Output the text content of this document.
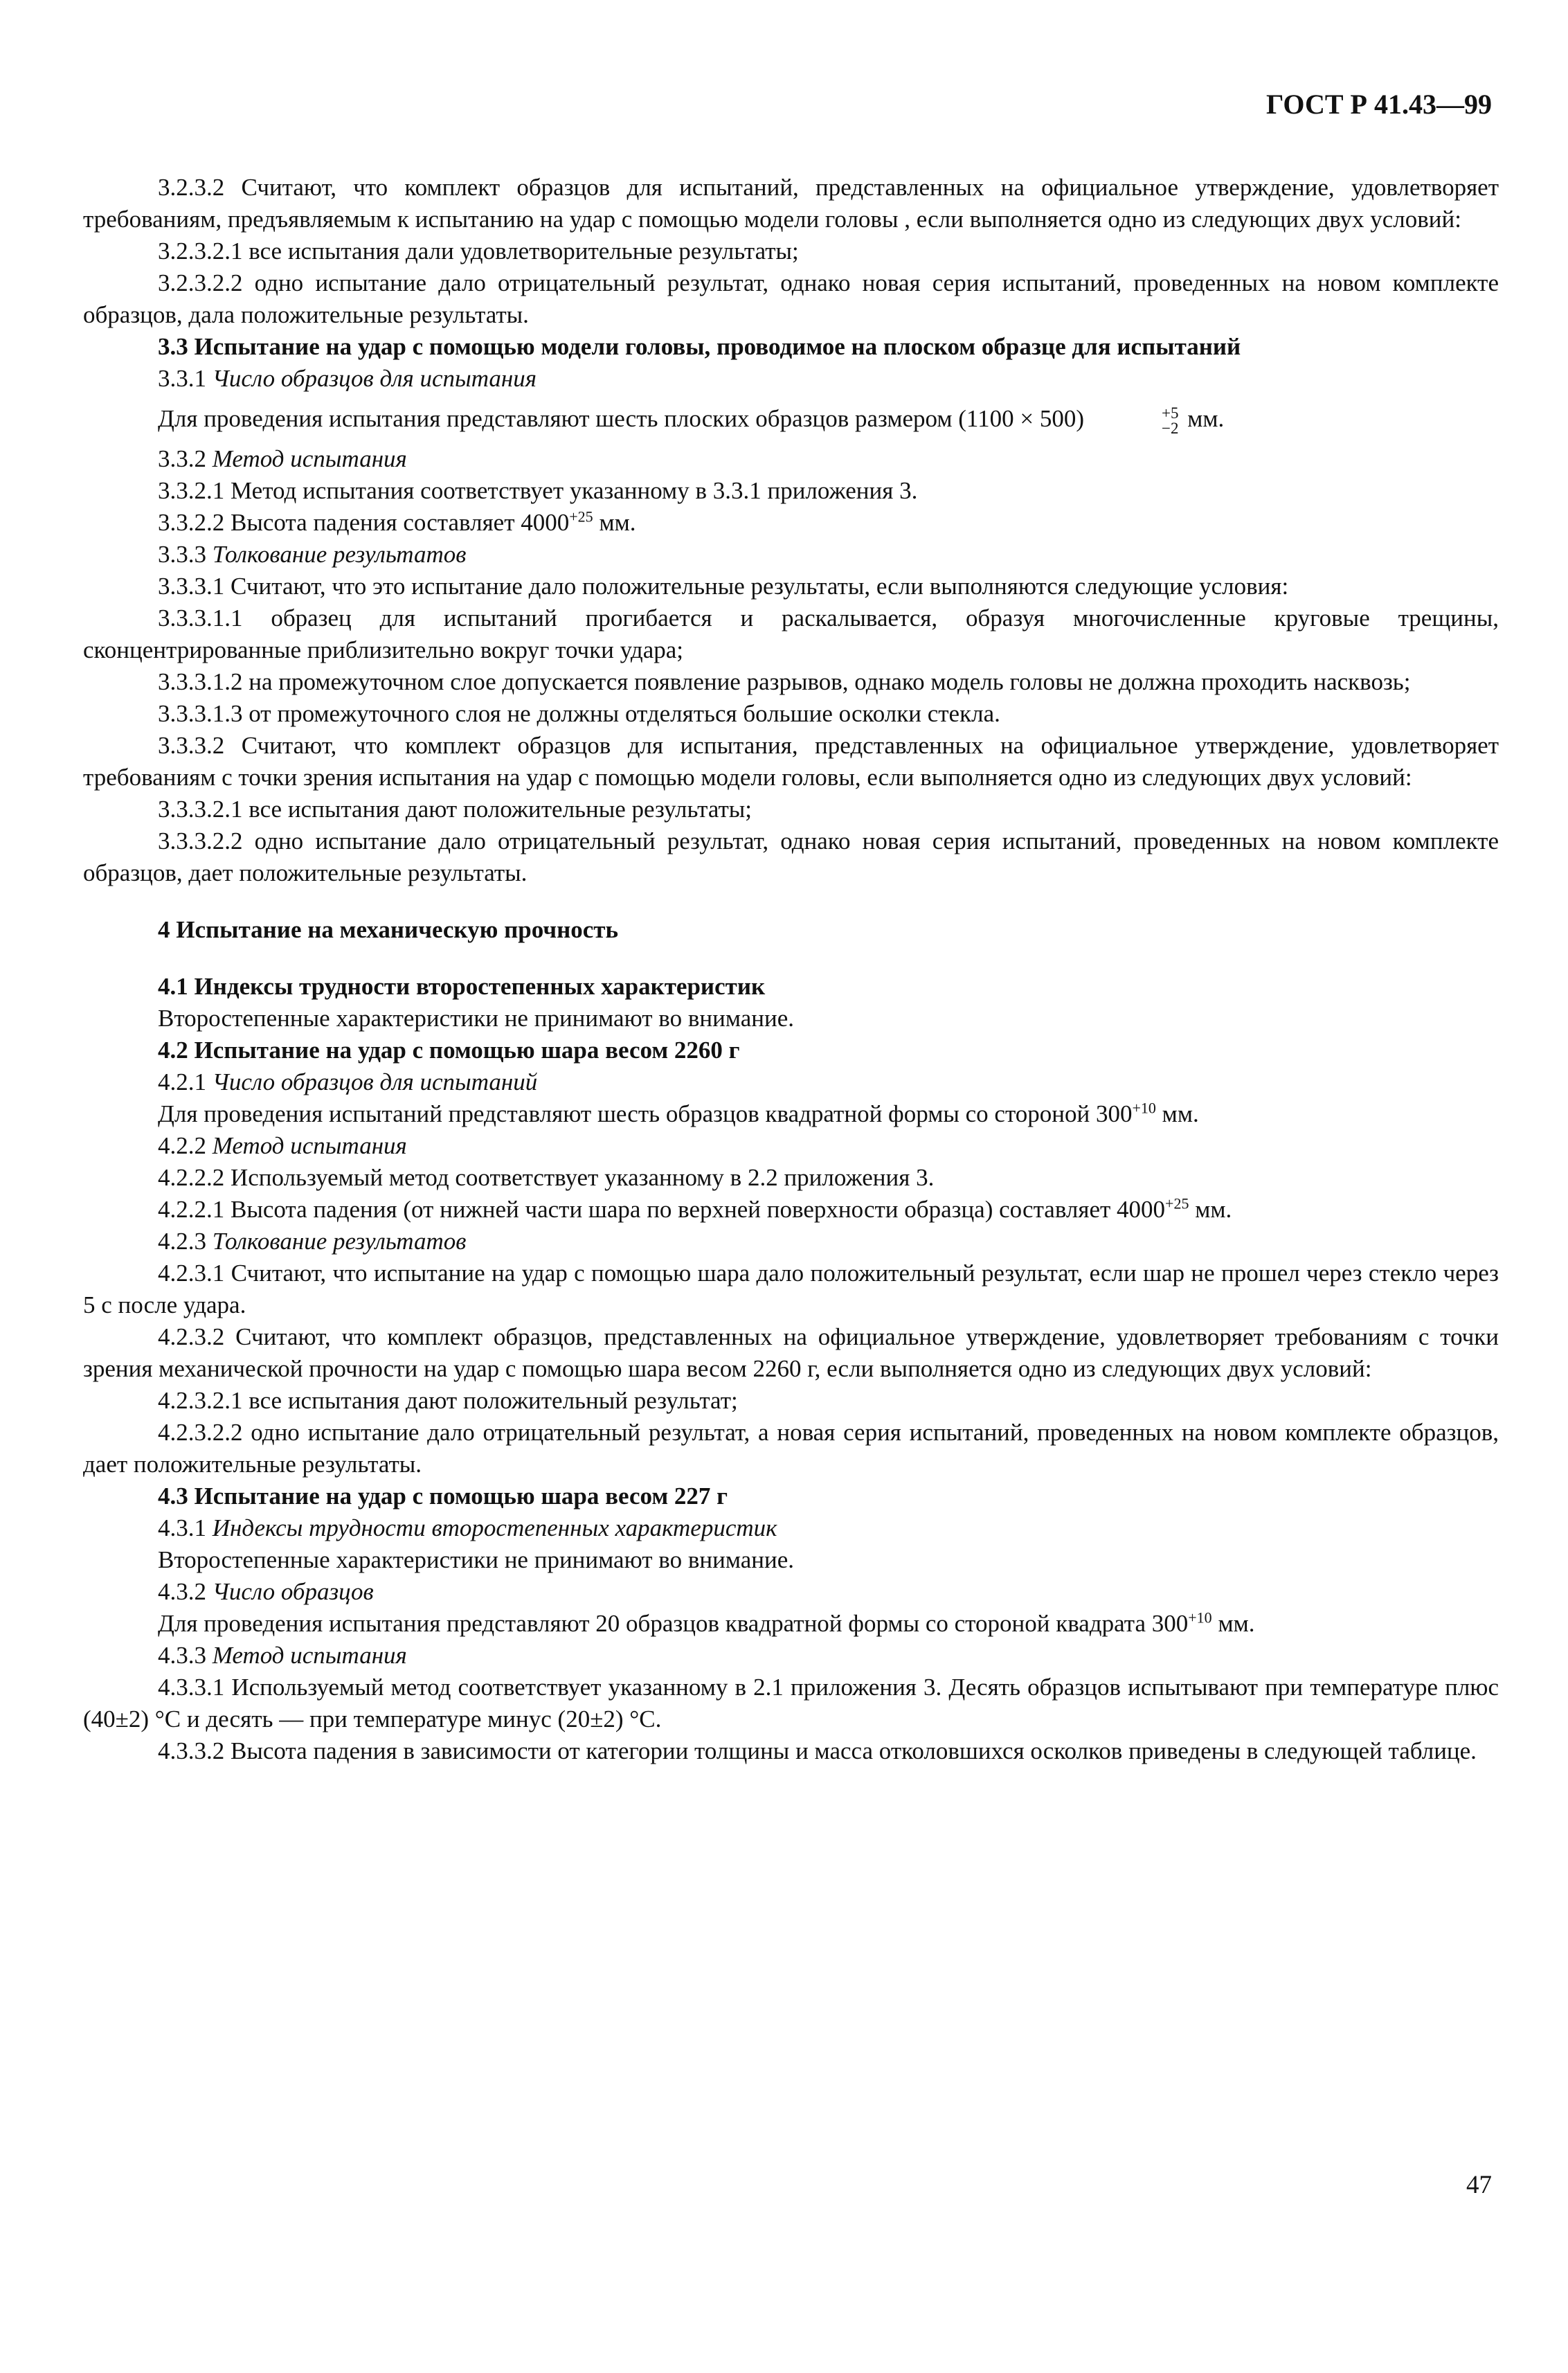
ГОСТ Р 41.43—99

3.2.3.2 Считают, что комплект образцов для испытаний, представленных на официальное утверждение, удовлетворяет требованиям, предъявляемым к испытанию на удар с помощью модели головы , если выполняется одно из следующих двух условий:

3.2.3.2.1 все испытания дали удовлетворительные результаты;

3.2.3.2.2 одно испытание дало отрицательный результат, однако новая серия испытаний, проведенных на новом комплекте образцов, дала положительные результаты.

3.3 Испытание на удар с помощью модели головы, проводимое на плоском образце для испытаний

3.3.1 Число образцов для испытания

Для проведения испытания представляют шесть плоских образцов размером (1100 × 500)	+5
−2 мм.

3.3.2 Метод испытания

3.3.2.1 Метод испытания соответствует указанному в 3.3.1 приложения 3.

3.3.2.2 Высота падения составляет $4000^{+25}$ мм.

3.3.3 Толкование результатов

3.3.3.1 Считают, что это испытание дало положительные результаты, если выполняются следующие условия:

3.3.3.1.1 образец для испытаний прогибается и раскалывается, образуя многочисленные круговые трещины, сконцентрированные приблизительно вокруг точки удара;

3.3.3.1.2 на промежуточном слое допускается появление разрывов, однако модель головы не должна проходить насквозь;

3.3.3.1.3 от промежуточного слоя не должны отделяться большие осколки стекла.

3.3.3.2 Считают, что комплект образцов для испытания, представленных на официальное утверждение, удовлетворяет требованиям с точки зрения испытания на удар с помощью модели головы, если выполняется одно из следующих двух условий:

3.3.3.2.1 все испытания дают положительные результаты;

3.3.3.2.2 одно испытание дало отрицательный результат, однако новая серия испытаний, проведенных на новом комплекте образцов, дает положительные результаты.

4 Испытание на механическую прочность

4.1 Индексы трудности второстепенных характеристик

Второстепенные характеристики не принимают во внимание.

4.2 Испытание на удар с помощью шара весом 2260 г

4.2.1 Число образцов для испытаний

Для проведения испытаний представляют шесть образцов квадратной формы со стороной $300^{+10}$ мм.

4.2.2 Метод испытания

4.2.2.2 Используемый метод соответствует указанному в 2.2 приложения 3.

4.2.2.1 Высота падения (от нижней части шара по верхней поверхности образца) составляет $4000^{+25}$ мм.

4.2.3 Толкование результатов

4.2.3.1 Считают, что испытание на удар с помощью шара дало положительный результат, если шар не прошел через стекло через 5 с после удара.

4.2.3.2 Считают, что комплект образцов, представленных на официальное утверждение, удовлетворяет требованиям с точки зрения механической прочности на удар с помощью шара весом 2260 г, если выполняется одно из следующих двух условий:

4.2.3.2.1 все испытания дают положительный результат;

4.2.3.2.2 одно испытание дало отрицательный результат, а новая серия испытаний, проведенных на новом комплекте образцов, дает положительные результаты.

4.3 Испытание на удар с помощью шара весом 227 г

4.3.1 Индексы трудности второстепенных характеристик

Второстепенные характеристики не принимают во внимание.

4.3.2 Число образцов

Для проведения испытания представляют 20 образцов квадратной формы со стороной квадрата $300^{+10}$ мм.

4.3.3 Метод испытания

4.3.3.1 Используемый метод соответствует указанному в 2.1 приложения 3. Десять образцов испытывают при температуре плюс (40±2) °С и десять — при температуре минус (20±2) °С.

4.3.3.2 Высота падения в зависимости от категории толщины и масса отколовшихся осколков приведены в следующей таблице.

47
